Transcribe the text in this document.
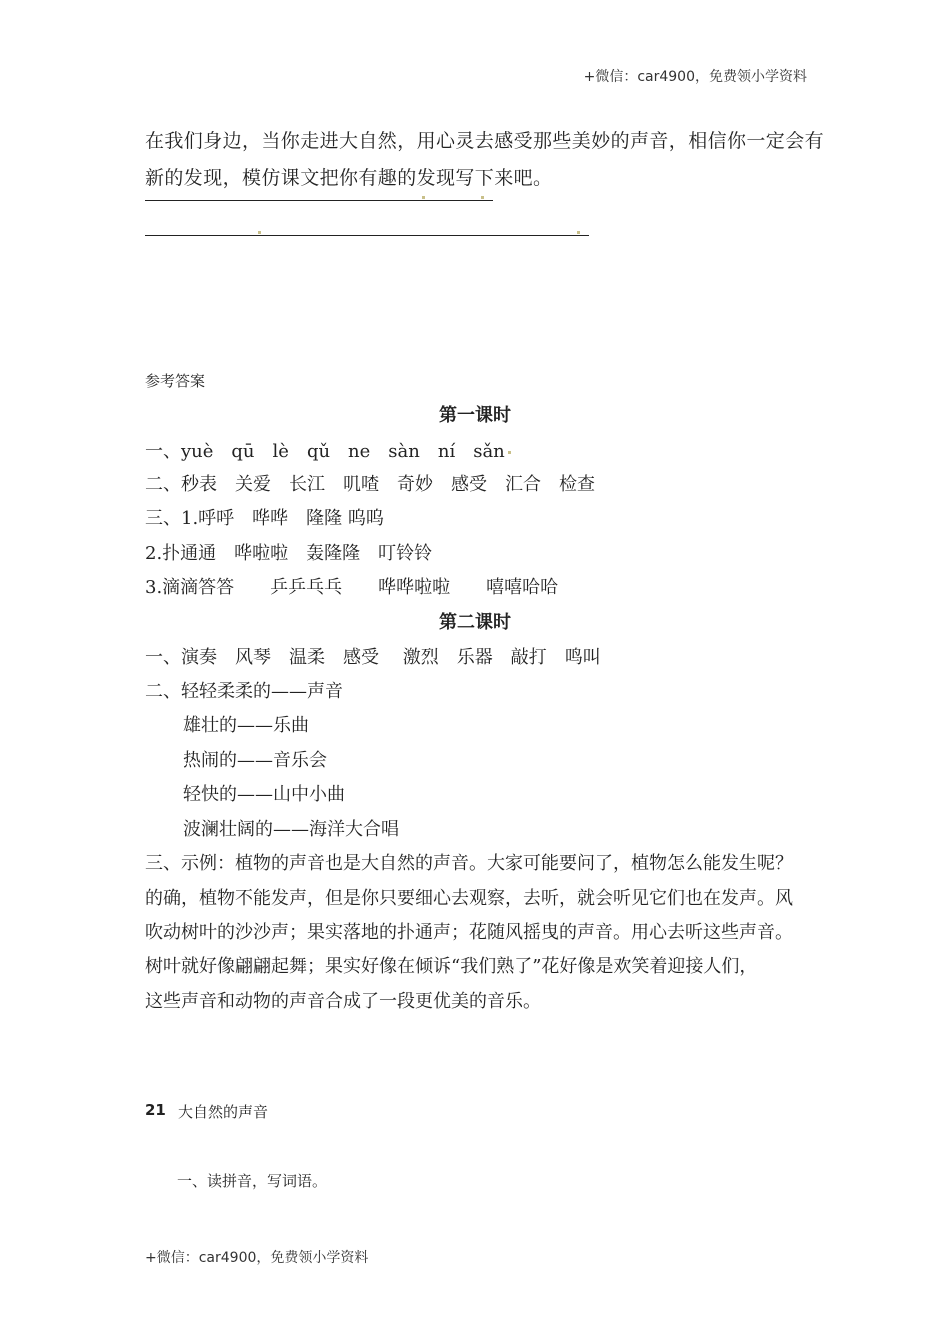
+微信：car4900，免费领小学资料
在我们身边，当你走进大自然，用心灵去感受那些美妙的声音，相信你一定会有
新的发现，模仿课文把你有趣的发现写下来吧。
参考答案
第一课时
一、yuè　qū　lè　qǔ　ne　sàn　ní　sǎn
二、秒表　关爱　长江　叽喳　奇妙　感受　汇合　检查
三、1.呼呼　哗哗　隆隆 呜呜
2.扑通通　哗啦啦　轰隆隆　叮铃铃
3.滴滴答答　　乒乒乓乓　　哗哗啦啦　　嘻嘻哈哈
第二课时
一、演奏　风琴　温柔　感受　 激烈　乐器　敲打　鸣叫
二、轻轻柔柔的——声音
雄壮的——乐曲
热闹的——音乐会
轻快的——山中小曲
波澜壮阔的——海洋大合唱
三、示例：植物的声音也是大自然的声音。大家可能要问了，植物怎么能发生呢？
的确，植物不能发声，但是你只要细心去观察，去听，就会听见它们也在发声。风
吹动树叶的沙沙声；果实落地的扑通声；花随风摇曳的声音。用心去听这些声音。
树叶就好像翩翩起舞；果实好像在倾诉“我们熟了”花好像是欢笑着迎接人们，
这些声音和动物的声音合成了一段更优美的音乐。
21 大自然的声音
一、读拼音，写词语。
+微信：car4900，免费领小学资料
